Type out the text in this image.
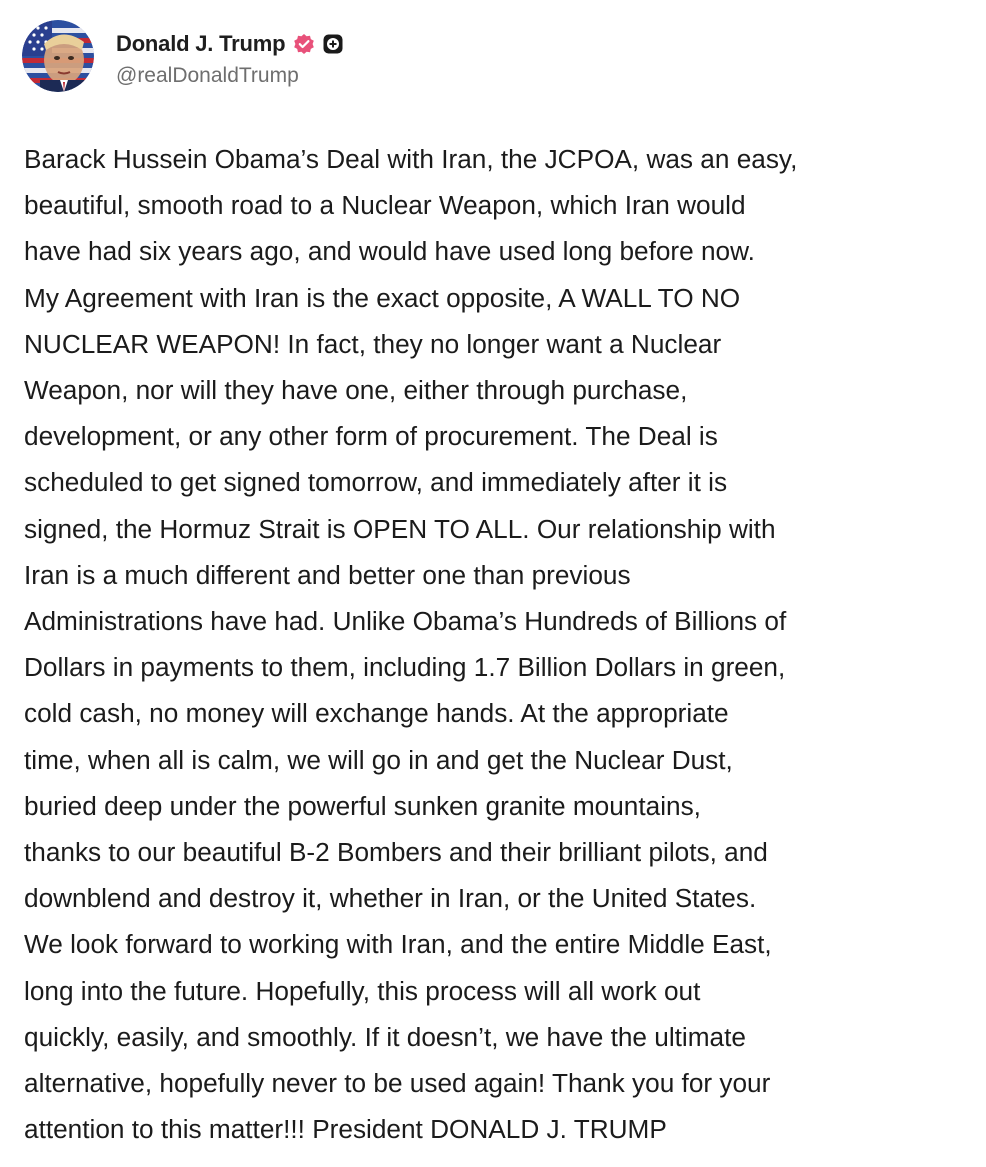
Donald J. Trump
@realDonaldTrump
Barack Hussein Obama’s Deal with Iran, the JCPOA, was an easy,
beautiful, smooth road to a Nuclear Weapon, which Iran would
have had six years ago, and would have used long before now.
My Agreement with Iran is the exact opposite, A WALL TO NO
NUCLEAR WEAPON! In fact, they no longer want a Nuclear
Weapon, nor will they have one, either through purchase,
development, or any other form of procurement. The Deal is
scheduled to get signed tomorrow, and immediately after it is
signed, the Hormuz Strait is OPEN TO ALL. Our relationship with
Iran is a much different and better one than previous
Administrations have had. Unlike Obama’s Hundreds of Billions of
Dollars in payments to them, including 1.7 Billion Dollars in green,
cold cash, no money will exchange hands. At the appropriate
time, when all is calm, we will go in and get the Nuclear Dust,
buried deep under the powerful sunken granite mountains,
thanks to our beautiful B-2 Bombers and their brilliant pilots, and
downblend and destroy it, whether in Iran, or the United States.
We look forward to working with Iran, and the entire Middle East,
long into the future. Hopefully, this process will all work out
quickly, easily, and smoothly. If it doesn’t, we have the ultimate
alternative, hopefully never to be used again! Thank you for your
attention to this matter!!! President DONALD J. TRUMP
